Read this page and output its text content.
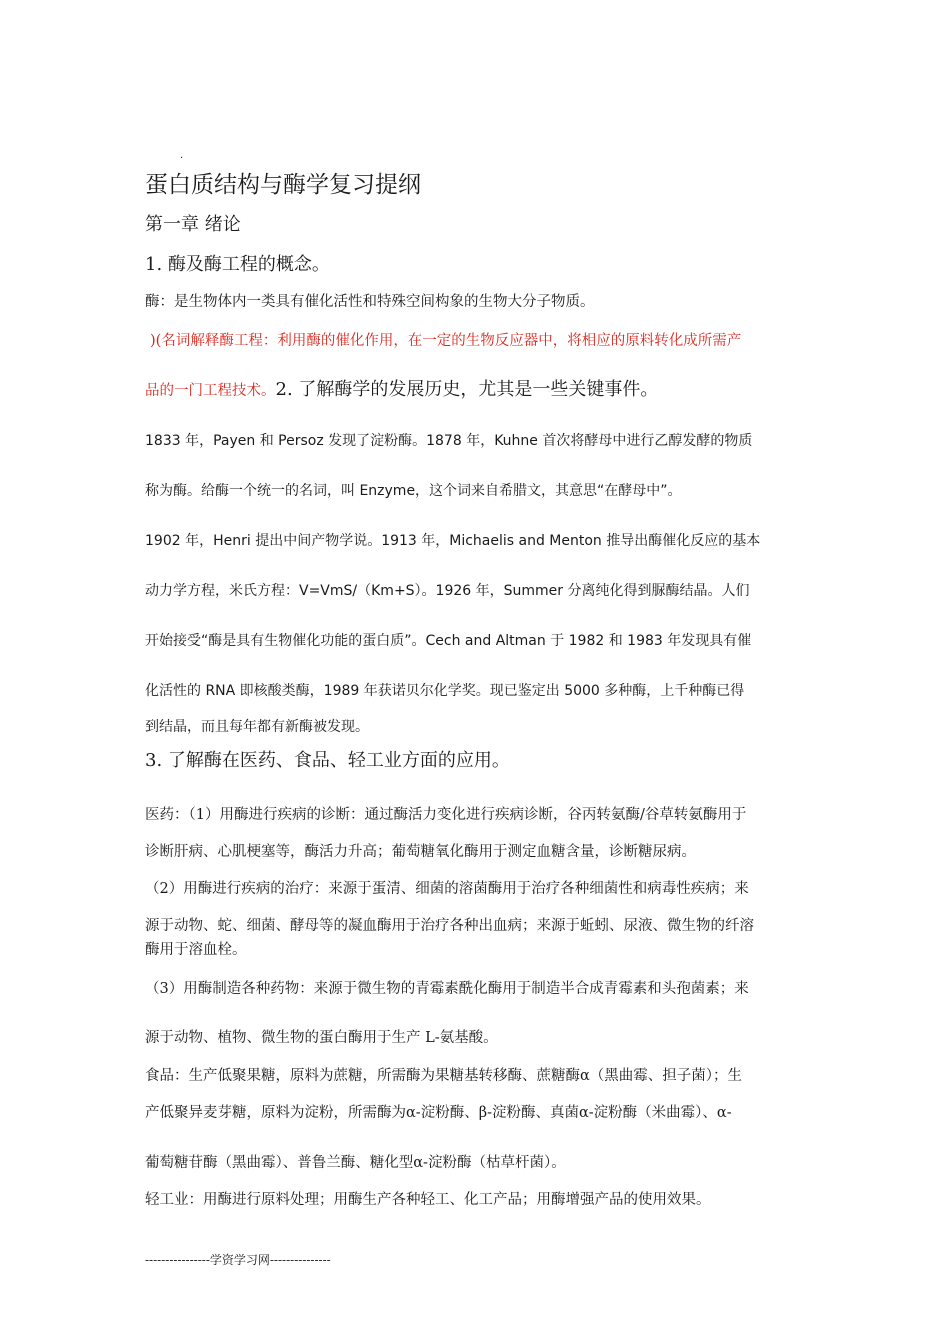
.
蛋白质结构与酶学复习提纲
第一章 绪论
1. 酶及酶工程的概念。
酶：是生物体内一类具有催化活性和特殊空间构象的生物大分子物质。
)(名词解释酶工程：利用酶的催化作用，在一定的生物反应器中，将相应的原料转化成所需产
品的一门工程技术。2. 了解酶学的发展历史，尤其是一些关键事件。
1833 年，Payen 和 Persoz 发现了淀粉酶。1878 年，Kuhne 首次将酵母中进行乙醇发酵的物质
称为酶。给酶一个统一的名词，叫 Enzyme，这个词来自希腊文，其意思“在酵母中”。
1902 年，Henri 提出中间产物学说。1913 年，Michaelis and Menton 推导出酶催化反应的基本
动力学方程，米氏方程：V=VmS/（Km+S）。1926 年，Summer 分离纯化得到脲酶结晶。人们
开始接受“酶是具有生物催化功能的蛋白质”。Cech and Altman 于 1982 和 1983 年发现具有催
化活性的 RNA 即核酸类酶，1989 年获诺贝尔化学奖。现已鉴定出 5000 多种酶，上千种酶已得
到结晶，而且每年都有新酶被发现。
3. 了解酶在医药、食品、轻工业方面的应用。
医药：（1）用酶进行疾病的诊断：通过酶活力变化进行疾病诊断，谷丙转氨酶/谷草转氨酶用于
诊断肝病、心肌梗塞等，酶活力升高；葡萄糖氧化酶用于测定血糖含量，诊断糖尿病。
（2）用酶进行疾病的治疗：来源于蛋清、细菌的溶菌酶用于治疗各种细菌性和病毒性疾病；来
源于动物、蛇、细菌、酵母等的凝血酶用于治疗各种出血病；来源于蚯蚓、尿液、微生物的纤溶
酶用于溶血栓。
（3）用酶制造各种药物：来源于微生物的青霉素酰化酶用于制造半合成青霉素和头孢菌素；来
源于动物、植物、微生物的蛋白酶用于生产 L-氨基酸。
食品：生产低聚果糖，原料为蔗糖，所需酶为果糖基转移酶、蔗糖酶α（黑曲霉、担子菌）；生
产低聚异麦芽糖，原料为淀粉，所需酶为α-淀粉酶、β-淀粉酶、真菌α-淀粉酶（米曲霉）、α-
葡萄糖苷酶（黑曲霉）、普鲁兰酶、糖化型α-淀粉酶（枯草杆菌）。
轻工业：用酶进行原料处理；用酶生产各种轻工、化工产品；用酶增强产品的使用效果。
----------------学资学习网---------------
